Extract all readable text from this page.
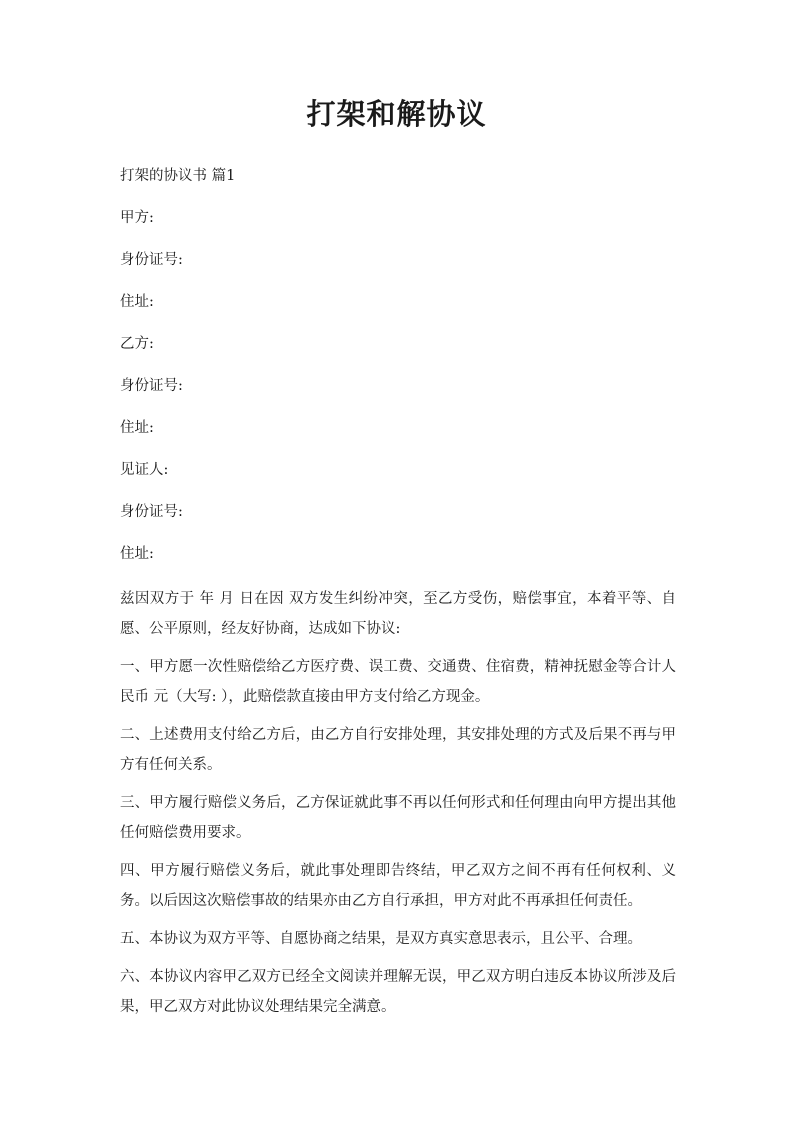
打架和解协议
打架的协议书 篇1
甲方:
身份证号:
住址:
乙方:
身份证号:
住址:
见证人:
身份证号:
住址:
兹因双方于 年 月 日在因 双方发生纠纷冲突，至乙方受伤，赔偿事宜，本着平等、自愿、公平原则，经友好协商，达成如下协议:
一、甲方愿一次性赔偿给乙方医疗费、误工费、交通费、住宿费，精神抚慰金等合计人民币 元（大写: ），此赔偿款直接由甲方支付给乙方现金。
二、上述费用支付给乙方后，由乙方自行安排处理，其安排处理的方式及后果不再与甲方有任何关系。
三、甲方履行赔偿义务后，乙方保证就此事不再以任何形式和任何理由向甲方提出其他任何赔偿费用要求。
四、甲方履行赔偿义务后，就此事处理即告终结，甲乙双方之间不再有任何权利、义务。以后因这次赔偿事故的结果亦由乙方自行承担，甲方对此不再承担任何责任。
五、本协议为双方平等、自愿协商之结果，是双方真实意思表示，且公平、合理。
六、本协议内容甲乙双方已经全文阅读并理解无误，甲乙双方明白违反本协议所涉及后果，甲乙双方对此协议处理结果完全满意。
